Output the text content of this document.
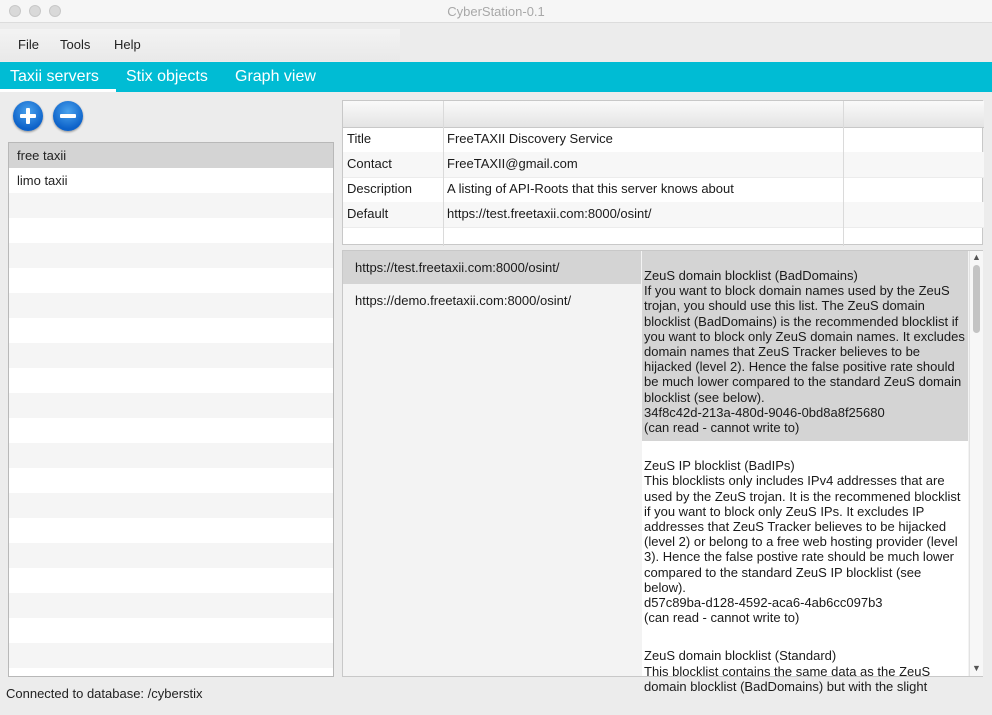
CyberStation-0.1
File Tools Help
Taxii servers Stix objects Graph view
free taxii
limo taxii
Title	FreeTAXII Discovery Service
Contact	FreeTAXII@gmail.com
Description	A listing of API-Roots that this server knows about
Default	https://test.freetaxii.com:8000/osint/
https://test.freetaxii.com:8000/osint/
https://demo.freetaxii.com:8000/osint/
ZeuS domain blocklist (BadDomains)
If you want to block domain names used by the ZeuS trojan, you should use this list. The ZeuS domain blocklist (BadDomains) is the recommended blocklist if you want to block only ZeuS domain names. It excludes domain names that ZeuS Tracker believes to be hijacked (level 2). Hence the false positive rate should be much lower compared to the standard ZeuS domain blocklist (see below).
34f8c42d-213a-480d-9046-0bd8a8f25680
(can read - cannot write to)
ZeuS IP blocklist (BadIPs)
This blocklists only includes IPv4 addresses that are used by the ZeuS trojan. It is the recommened blocklist if you want to block only ZeuS IPs. It excludes IP addresses that ZeuS Tracker believes to be hijacked (level 2) or belong to a free web hosting provider (level 3). Hence the false postive rate should be much lower compared to the standard ZeuS IP blocklist (see below).
d57c89ba-d128-4592-aca6-4ab6cc097b3
(can read - cannot write to)
ZeuS domain blocklist (Standard)
This blocklist contains the same data as the ZeuS domain blocklist (BadDomains) but with the slight
▲
▼
Connected to database: /cyberstix
